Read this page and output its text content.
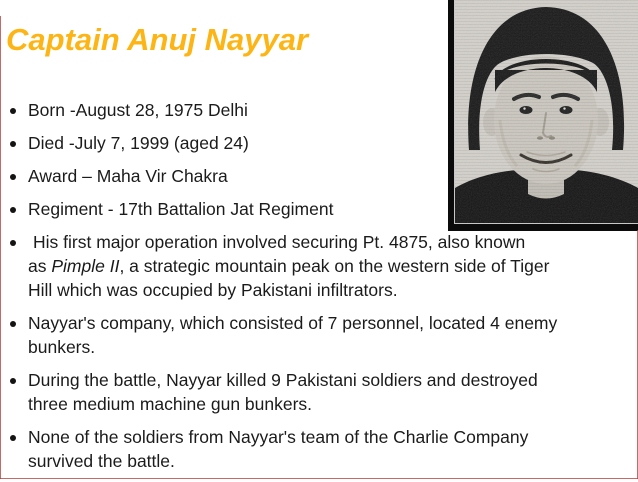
Captain Anuj Nayyar
Born -August 28, 1975 Delhi
Died -July 7, 1999 (aged 24)
Award – Maha Vir Chakra
Regiment - 17th Battalion Jat Regiment
His first major operation involved securing Pt. 4875, also known
as Pimple II, a strategic mountain peak on the western side of Tiger
Hill which was occupied by Pakistani infiltrators.
Nayyar's company, which consisted of 7 personnel, located 4 enemy
bunkers.
During the battle, Nayyar killed 9 Pakistani soldiers and destroyed
three medium machine gun bunkers.
None of the soldiers from Nayyar's team of the Charlie Company
survived the battle.
